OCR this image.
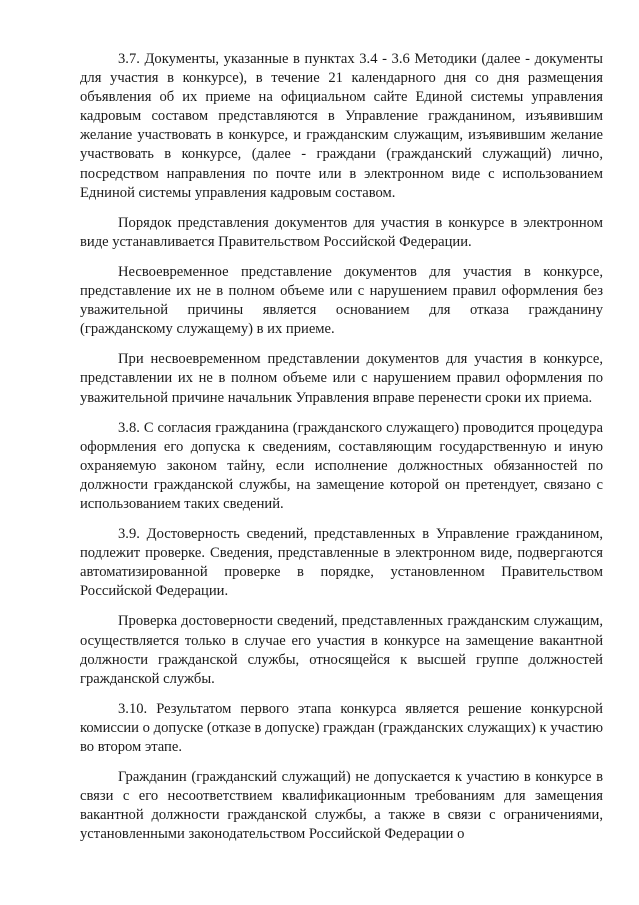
3.7. Документы, указанные в пунктах 3.4 - 3.6 Методики (далее - документы для участия в конкурсе), в течение 21 календарного дня со дня размещения объявления об их приеме на официальном сайте Единой системы управления кадровым составом представляются в Управление гражданином, изъявившим желание участвовать в конкурсе, и гражданским служащим, изъявившим желание участвовать в конкурсе, (далее - граждани (гражданский служащий) лично, посредством направления по почте или в электронном виде с использованием Едниной системы управления кадровым составом.

Порядок представления документов для участия в конкурсе в электронном виде устанавливается Правительством Российской Федерации.

Несвоевременное представление документов для участия в конкурсе, представление их не в полном объеме или с нарушением правил оформления без уважительной причины является основанием для отказа гражданину (гражданскому служащему) в их приеме.

При несвоевременном представлении документов для участия в конкурсе, представлении их не в полном объеме или с нарушением правил оформления по уважительной причине начальник Управления вправе перенести сроки их приема.

3.8. С согласия гражданина (гражданского служащего) проводится процедура оформления его допуска к сведениям, составляющим государственную и иную охраняемую законом тайну, если исполнение должностных обязанностей по должности гражданской службы, на замещение которой он претендует, связано с использованием таких сведений.

3.9. Достоверность сведений, представленных в Управление гражданином, подлежит проверке. Сведения, представленные в электронном виде, подвергаются автоматизированной проверке в порядке, установленном Правительством Российской Федерации.

Проверка достоверности сведений, представленных гражданским служащим, осуществляется только в случае его участия в конкурсе на замещение вакантной должности гражданской службы, относящейся к высшей группе должностей гражданской службы.

3.10. Результатом первого этапа конкурса является решение конкурсной комиссии о допуске (отказе в допуске) граждан (гражданских служащих) к участию во втором этапе.

Гражданин (гражданский служащий) не допускается к участию в конкурсе в связи с его несоответствием квалификационным требованиям для замещения вакантной должности гражданской службы, а также в связи с ограничениями, установленными законодательством Российской Федерации о
